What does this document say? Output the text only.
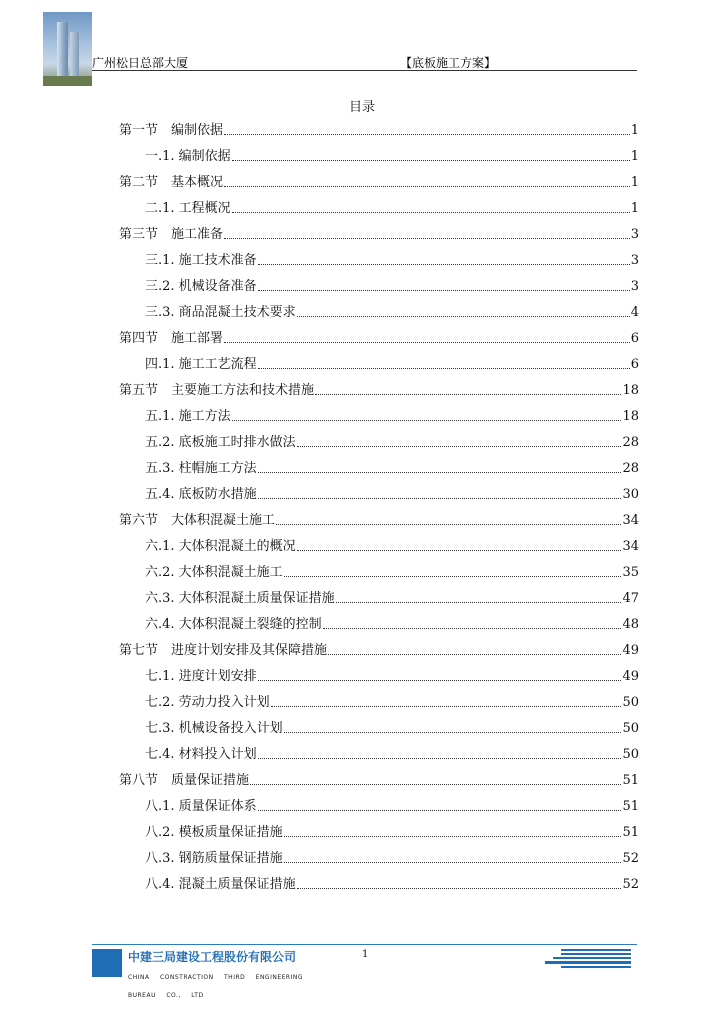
广州松日总部大厦	【底板施工方案】
目录
第一节　 编制依据	1
一.1. 编制依据	1
第二节　 基本概况	1
二.1. 工程概况	1
第三节　 施工准备	3
三.1. 施工技术准备	3
三.2. 机械设备准备	3
三.3. 商品混凝土技术要求	4
第四节　 施工部署	6
四.1. 施工工艺流程	6
第五节　 主要施工方法和技术措施	18
五.1. 施工方法	18
五.2. 底板施工时排水做法	28
五.3. 柱帽施工方法	28
五.4. 底板防水措施	30
第六节　 大体积混凝土施工	34
六.1. 大体积混凝土的概况	34
六.2. 大体积混凝土施工	35
六.3. 大体积混凝土质量保证措施	47
六.4. 大体积混凝土裂缝的控制	48
第七节　 进度计划安排及其保障措施	49
七.1. 进度计划安排	49
七.2. 劳动力投入计划	50
七.3. 机械设备投入计划	50
七.4. 材料投入计划	50
第八节　 质量保证措施	51
八.1. 质量保证体系	51
八.2. 模板质量保证措施	51
八.3. 钢筋质量保证措施	52
八.4. 混凝土质量保证措施	52
中建三局建设工程股份有限公司
CHINA CONSTRACTION THIRD ENGINEERING BUREAU CO., LTD
1
